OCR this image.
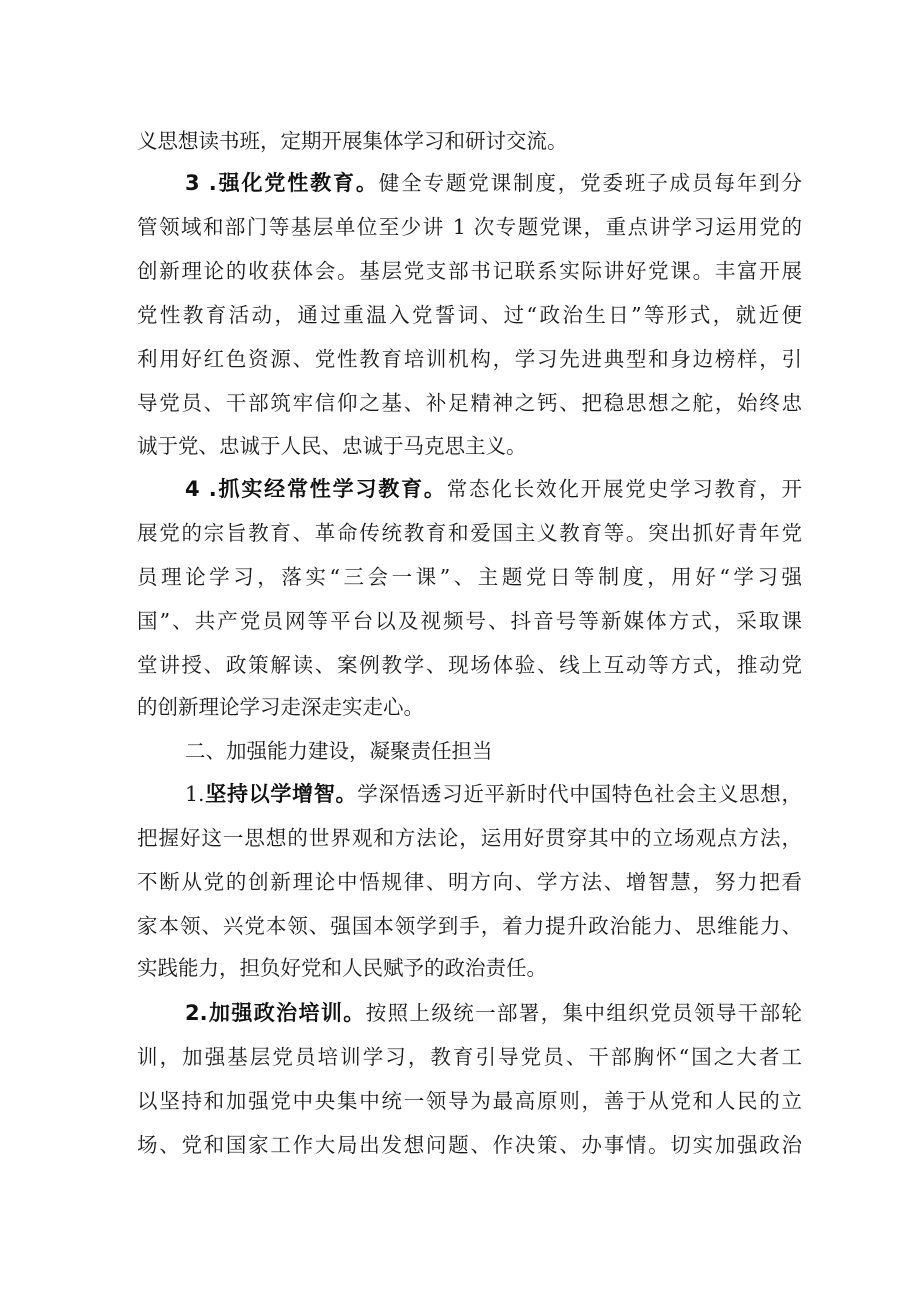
义思想读书班，定期开展集体学习和研讨交流。
3 .强化党性教育。健全专题党课制度，党委班子成员每年到分
管领域和部门等基层单位至少讲 1 次专题党课，重点讲学习运用党的
创新理论的收获体会。基层党支部书记联系实际讲好党课。丰富开展
党性教育活动，通过重温入党誓词、过“政治生日”等形式，就近便
利用好红色资源、党性教育培训机构，学习先进典型和身边榜样，引
导党员、干部筑牢信仰之基、补足精神之钙、把稳思想之舵，始终忠
诚于党、忠诚于人民、忠诚于马克思主义。
4 .抓实经常性学习教育。常态化长效化开展党史学习教育，开
展党的宗旨教育、革命传统教育和爱国主义教育等。突出抓好青年党
员理论学习，落实“三会一课”、主题党日等制度，用好“学习强
国”、共产党员网等平台以及视频号、抖音号等新媒体方式，采取课
堂讲授、政策解读、案例教学、现场体验、线上互动等方式，推动党
的创新理论学习走深走实走心。
二、加强能力建设，凝聚责任担当
1.坚持以学增智。学深悟透习近平新时代中国特色社会主义思想，
把握好这一思想的世界观和方法论，运用好贯穿其中的立场观点方法，
不断从党的创新理论中悟规律、明方向、学方法、增智慧，努力把看
家本领、兴党本领、强国本领学到手，着力提升政治能力、思维能力、
实践能力，担负好党和人民赋予的政治责任。
2.加强政治培训。按照上级统一部署，集中组织党员领导干部轮
训，加强基层党员培训学习，教育引导党员、干部胸怀“国之大者工
以坚持和加强党中央集中统一领导为最高原则，善于从党和人民的立
场、党和国家工作大局出发想问题、作决策、办事情。切实加强政治
